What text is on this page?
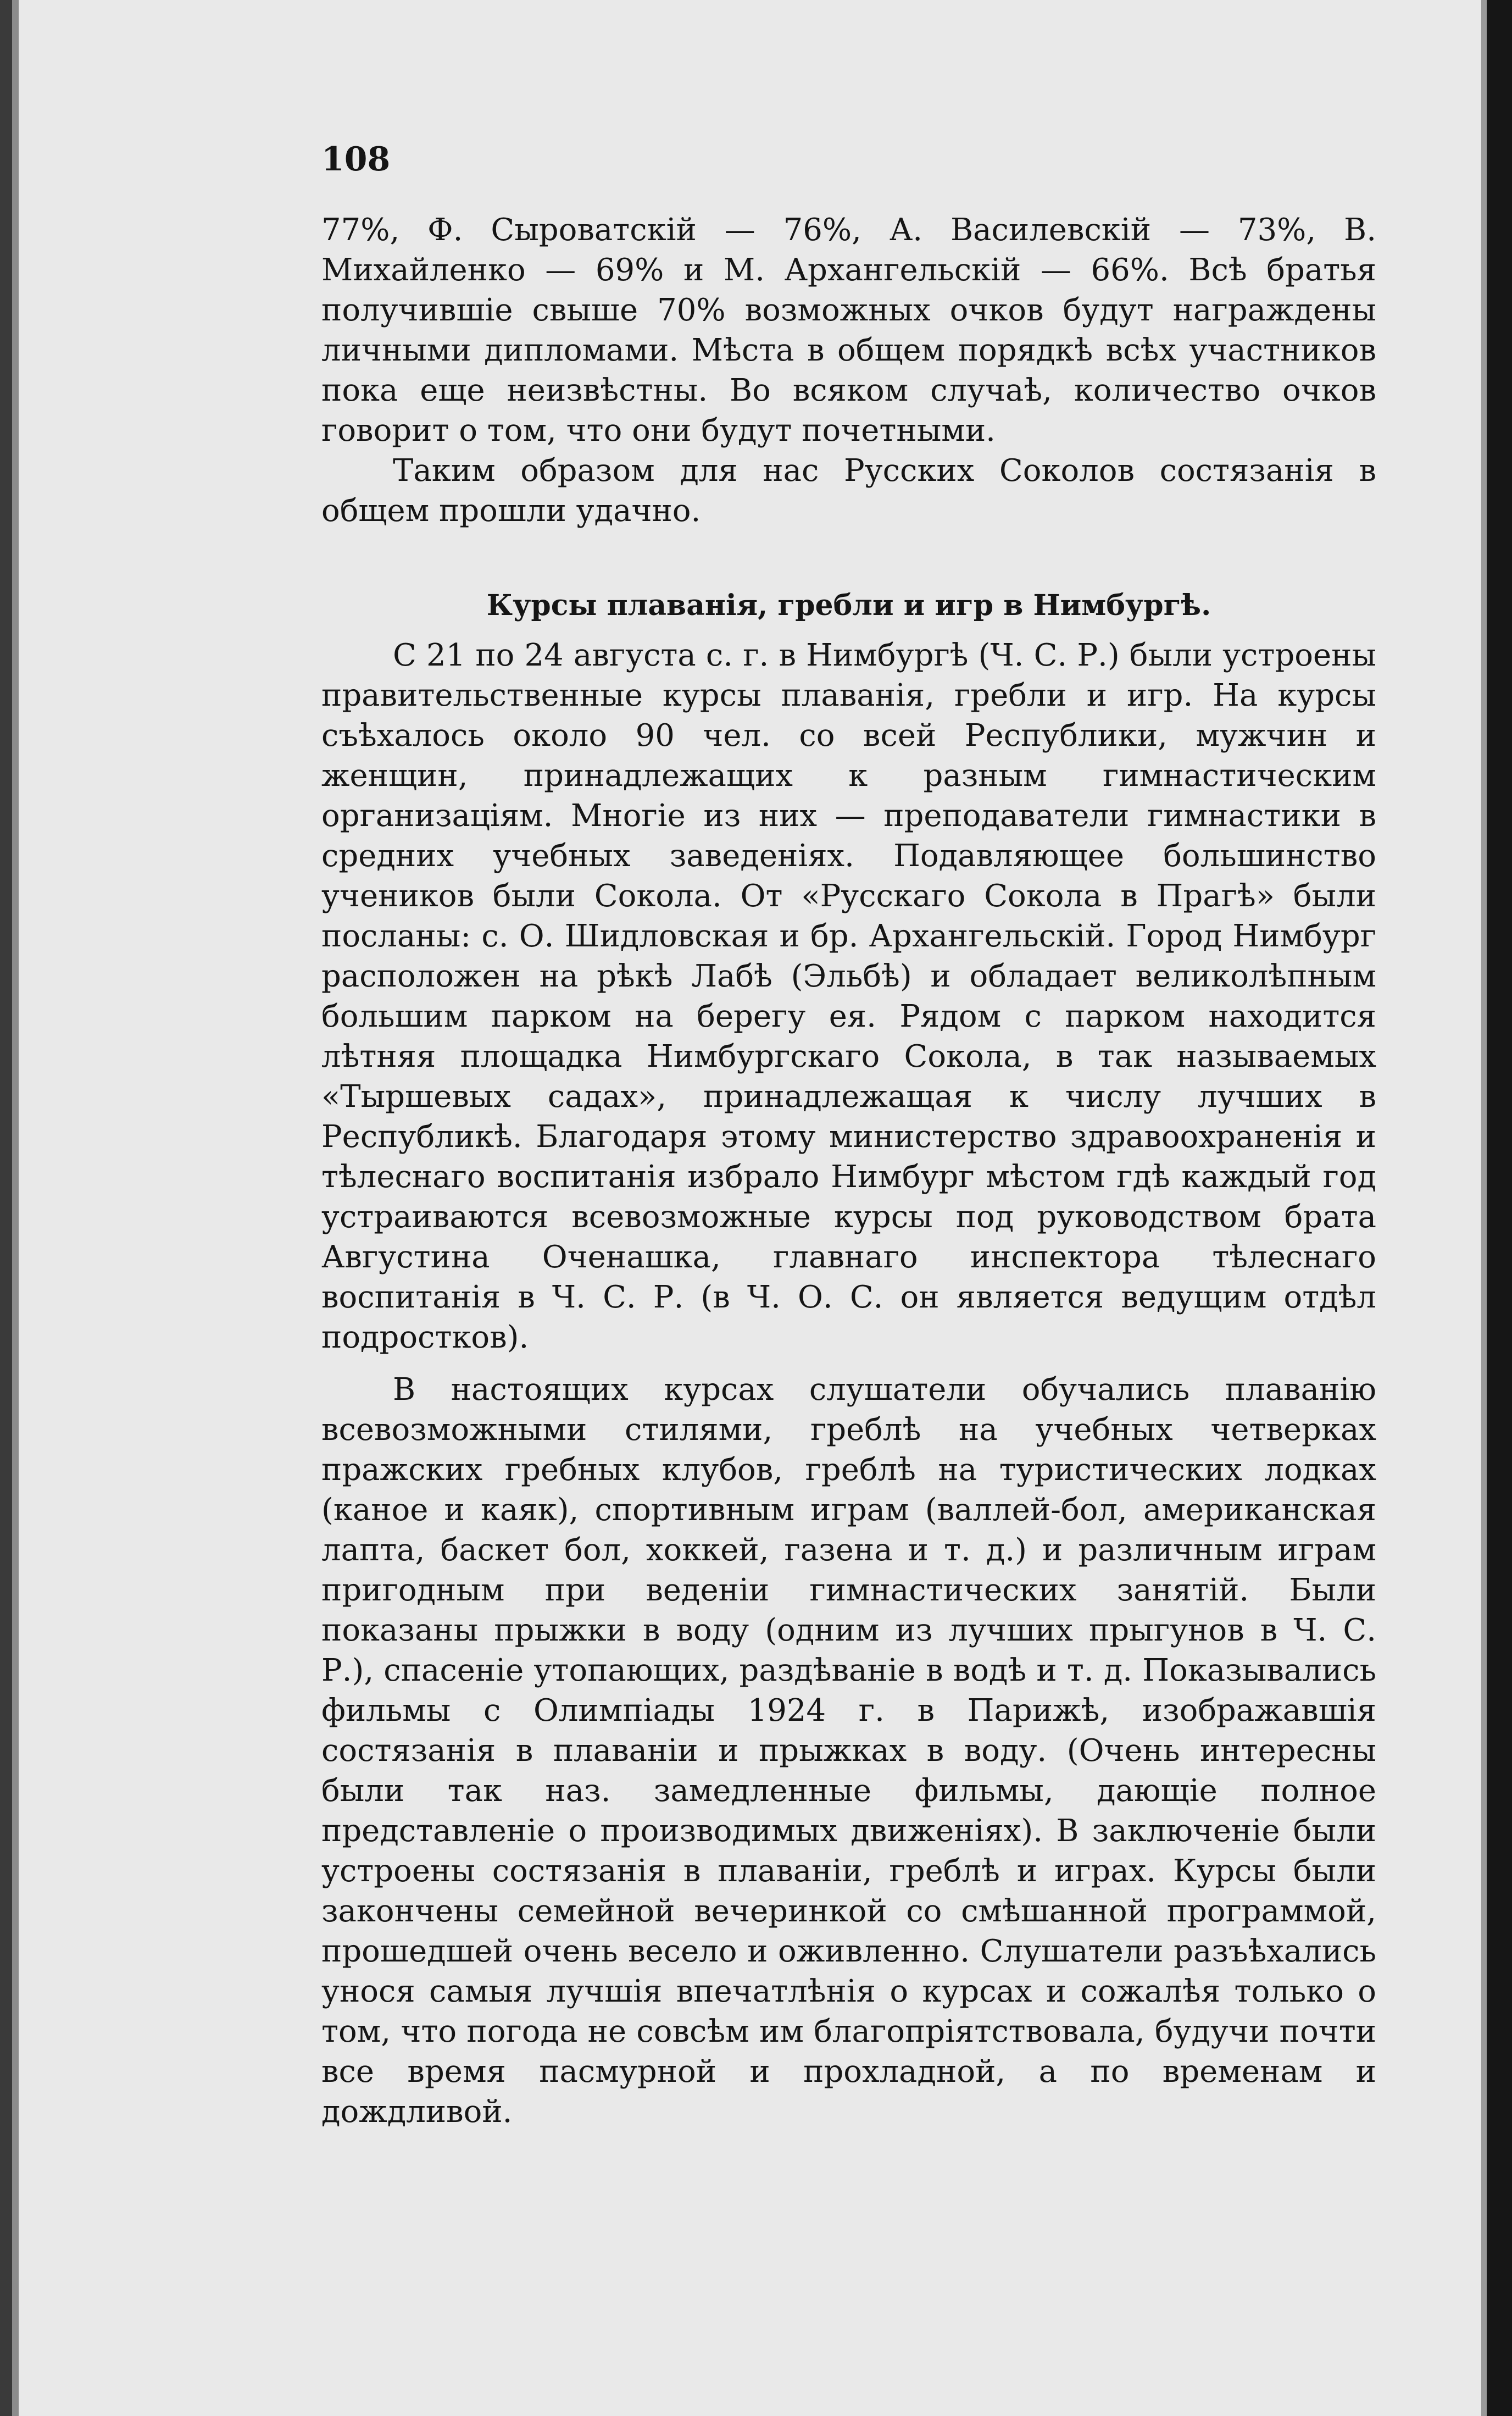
108

77%, Ф. Сыроватскій — 76%, А. Василевскій — 73%, В. Михайленко — 69% и М. Архангельскій — 66%. Всѣ братья получившіе свыше 70% возможных очков будут награждены личными дипломами. Мѣста в общем порядкѣ всѣх участников пока еще неизвѣстны. Во всяком случаѣ, количество очков говорит о том, что они будут почетными.

Таким образом для нас Русских Соколов состязанія в общем прошли удачно.

Курсы плаванія, гребли и игр в Нимбургѣ.

С 21 по 24 августа с. г. в Нимбургѣ (Ч. С. Р.) были устроены правительственные курсы плаванія, гребли и игр. На курсы съѣхалось около 90 чел. со всей Республики, мужчин и женщин, принадлежащих к разным гимнастическим организаціям. Многіе из них — преподаватели гимнастики в средних учебных заведеніях. Подавляющее большинство учеников были Сокола. От «Русскаго Сокола в Прагѣ» были посланы: с. О. Шидловская и бр. Архангельскій. Город Нимбург расположен на рѣкѣ Лабѣ (Эльбѣ) и обладает великолѣпным большим парком на берегу ея. Рядом с парком находится лѣтняя площадка Нимбургскаго Сокола, в так называемых «Тыршевых садах», принадлежащая к числу лучших в Республикѣ. Благодаря этому министерство здравоохраненія и тѣлеснаго воспитанія избрало Нимбург мѣстом гдѣ каждый год устраиваются всевозможные курсы под руководством брата Августина Оченашка, главнаго инспектора тѣлеснаго воспитанія в Ч. С. Р. (в Ч. О. С. он является ведущим отдѣл подростков).

В настоящих курсах слушатели обучались плаванію всевозможными стилями, греблѣ на учебных четверках пражских гребных клубов, греблѣ на туристических лодках (каное и каяк), спортивным играм (валлей-бол, американская лапта, баскет бол, хоккей, газена и т. д.) и различным играм пригодным при веденіи гимнастических занятій. Были показаны прыжки в воду (одним из лучших прыгунов в Ч. С. Р.), спасеніе утопающих, раздѣваніе в водѣ и т. д. Показывались фильмы с Олимпіады 1924 г. в Парижѣ, изображавшія состязанія в плаваніи и прыжках в воду. (Очень интересны были так наз. замедленные фильмы, дающіе полное представленіе о производимых движеніях). В заключеніе были устроены состязанія в плаваніи, греблѣ и играх. Курсы были закончены семейной вечеринкой со смѣшанной программой, прошедшей очень весело и оживленно. Слушатели разъѣхались унося самыя лучшія впечатлѣнія о курсах и сожалѣя только о том, что погода не совсѣм им благопріятствовала, будучи почти все время пасмурной и прохладной, а по временам и дождливой.
